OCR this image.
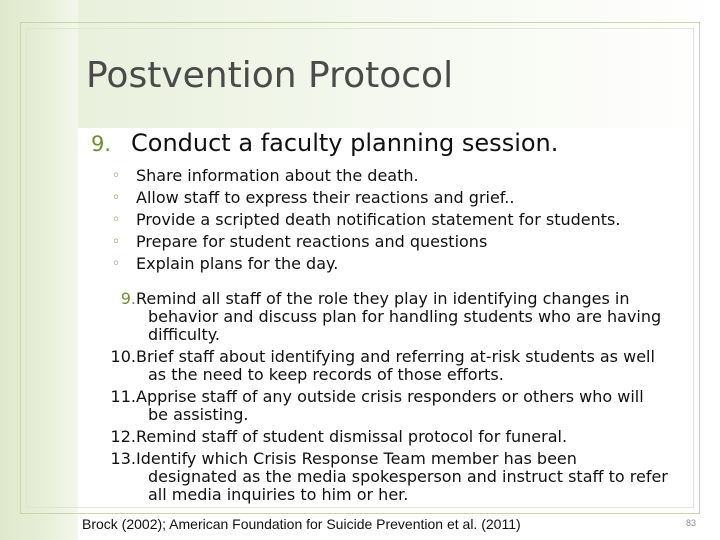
Postvention Protocol

9. Conduct a faculty planning session.

◦ Share information about the death.
◦ Allow staff to express their reactions and grief..
◦ Provide a scripted death notification statement for students.
◦ Prepare for student reactions and questions
◦ Explain plans for the day.
9. Remind all staff of the role they play in identifying changes in
behavior and discuss plan for handling students who are having difficulty.
10. Brief staff about identifying and referring at-risk students as well
as the need to keep records of those efforts.
11. Apprise staff of any outside crisis responders or others who will
be assisting.
12. Remind staff of student dismissal protocol for funeral.
13. Identify which Crisis Response Team member has been
designated as the media spokesperson and instruct staff to refer all media inquiries to him or her.

Brock (2002); American Foundation for Suicide Prevention et al. (2011)	83
